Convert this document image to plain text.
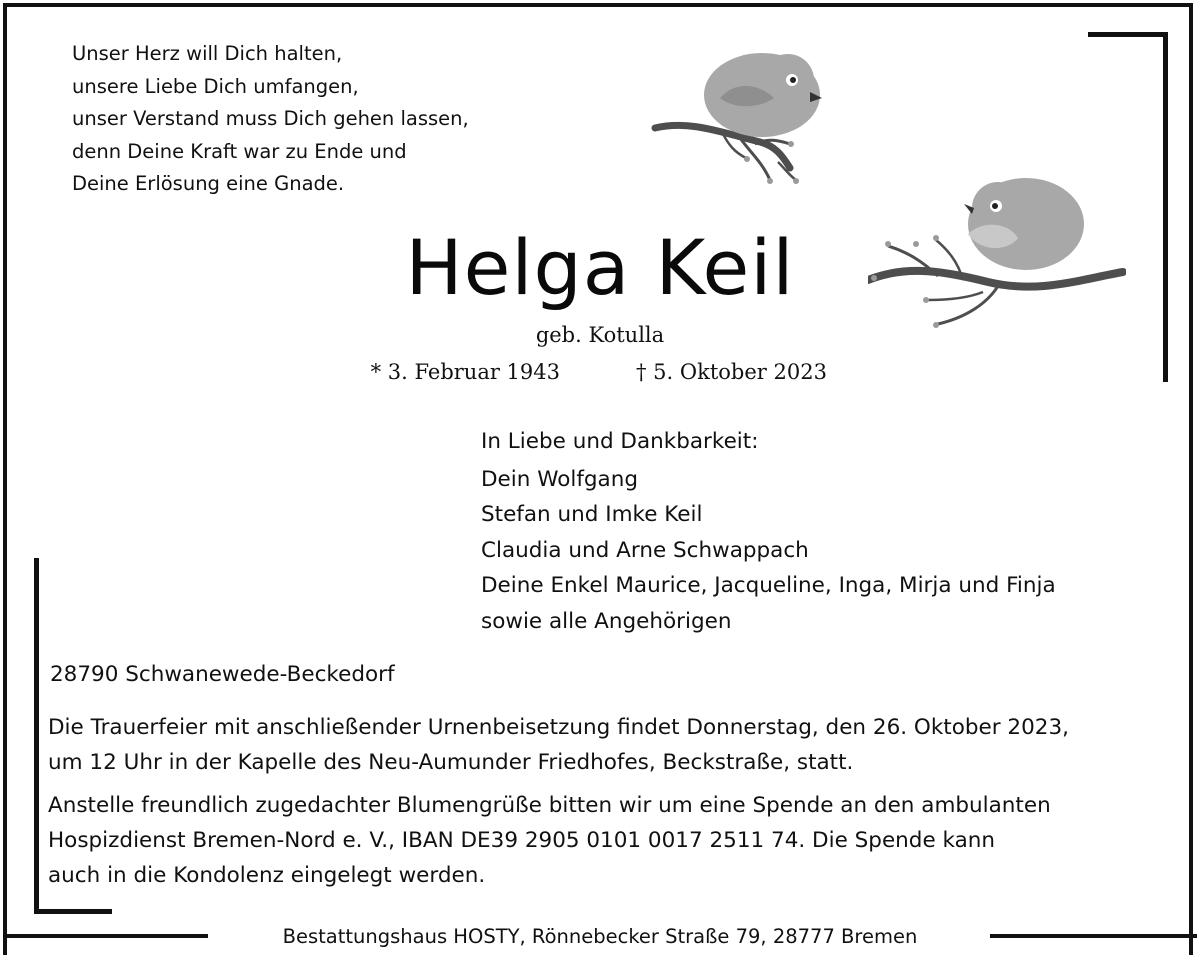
Unser Herz will Dich halten,
unsere Liebe Dich umfangen,
unser Verstand muss Dich gehen lassen,
denn Deine Kraft war zu Ende und
Deine Erlösung eine Gnade.
Helga Keil
geb. Kotulla
* 3. Februar 1943	† 5. Oktober 2023
In Liebe und Dankbarkeit:
Dein Wolfgang
Stefan und Imke Keil
Claudia und Arne Schwappach
Deine Enkel Maurice, Jacqueline, Inga, Mirja und Finja
sowie alle Angehörigen
28790 Schwanewede-Beckedorf
Die Trauerfeier mit anschließender Urnenbeisetzung findet Donnerstag, den 26. Oktober 2023,
um 12 Uhr in der Kapelle des Neu-Aumunder Friedhofes, Beckstraße, statt.
Anstelle freundlich zugedachter Blumengrüße bitten wir um eine Spende an den ambulanten
Hospizdienst Bremen-Nord e. V., IBAN DE39 2905 0101 0017 2511 74. Die Spende kann
auch in die Kondolenz eingelegt werden.
Bestattungshaus HOSTY, Rönnebecker Straße 79, 28777 Bremen
